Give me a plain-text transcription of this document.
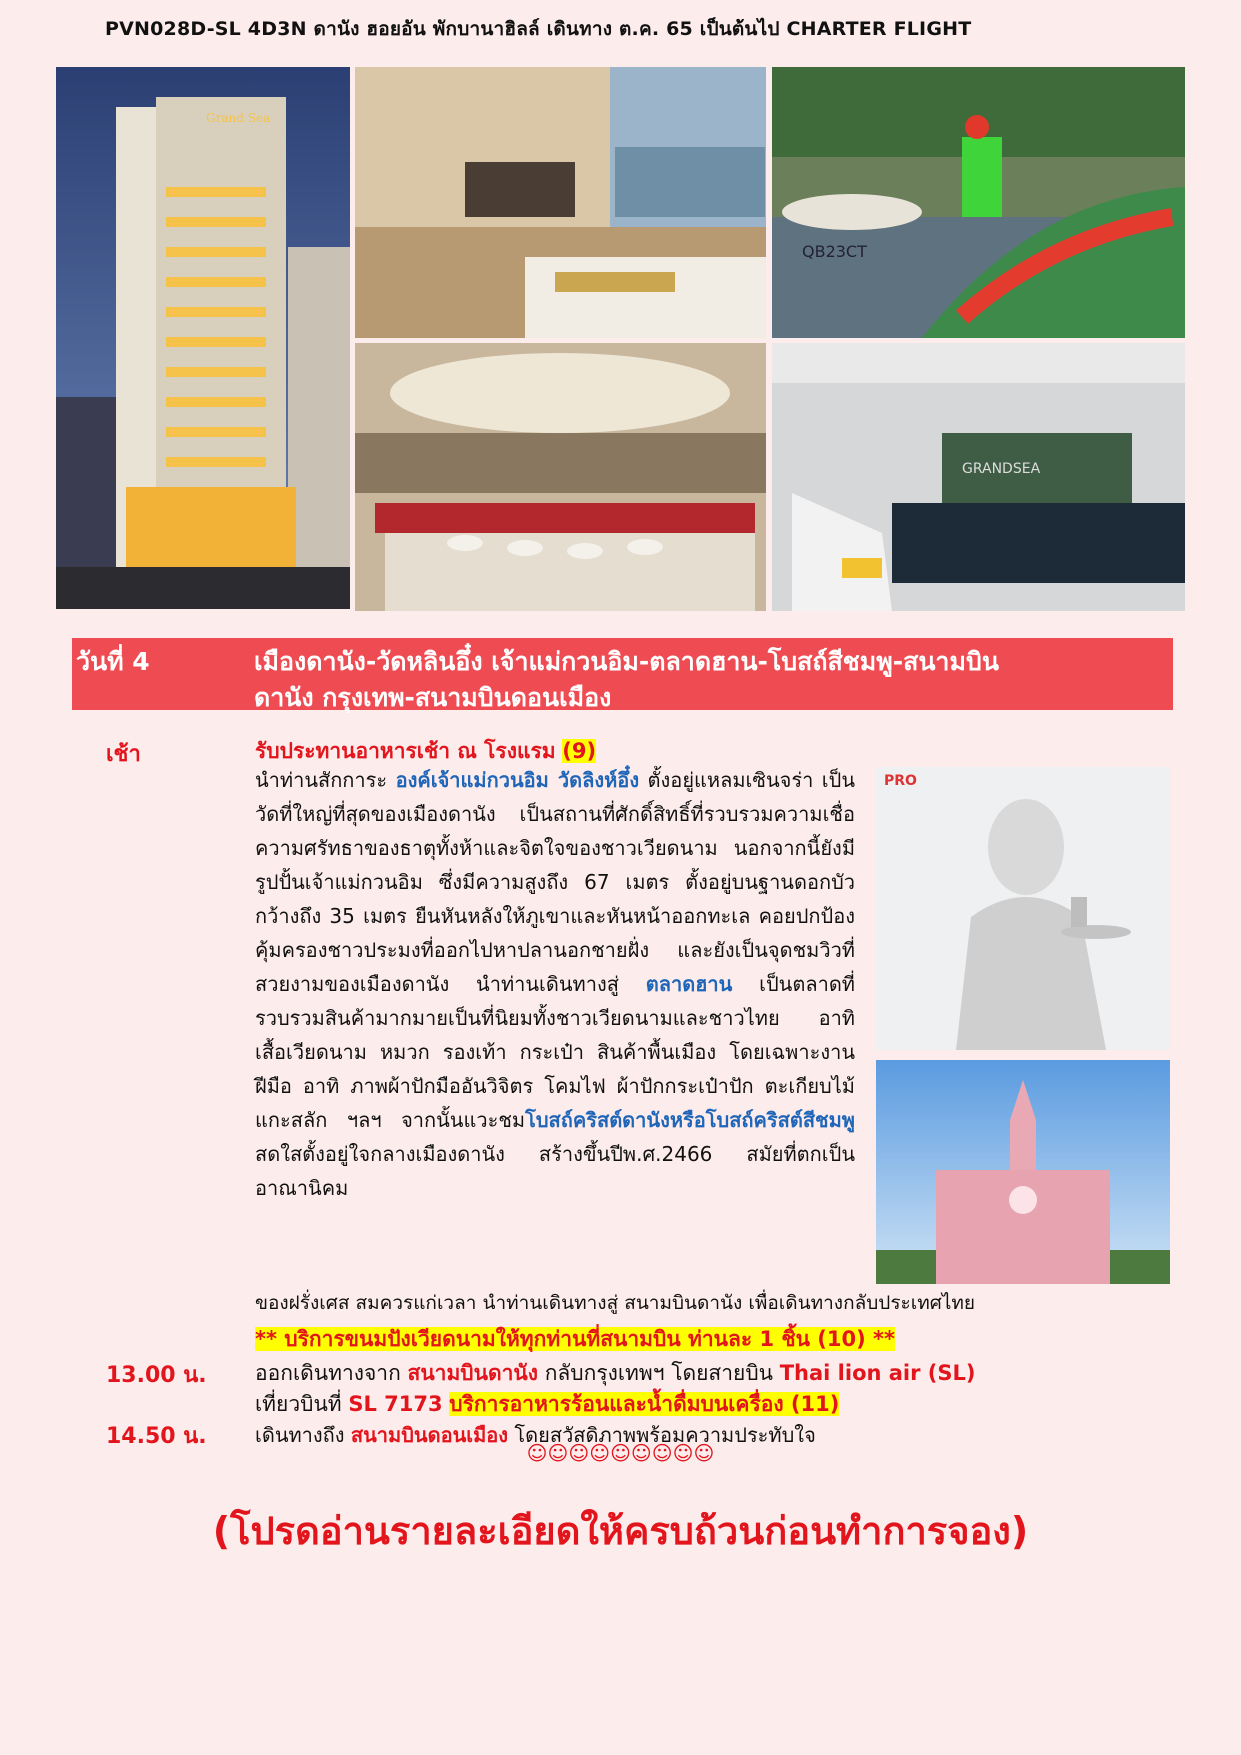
PVN028D-SL 4D3N ดานัง ฮอยอัน พักบานาฮิลล์ เดินทาง ต.ค. 65 เป็นต้นไป CHARTER FLIGHT
Grand Sea
QB23CT
GRANDSEA
วันที่ 4	เมืองดานัง-วัดหลินอึ๋ง เจ้าแม่กวนอิม-ตลาดฮาน-โบสถ์สีชมพู-สนามบิน
ดานัง กรุงเทพ-สนามบินดอนเมือง
เช้า	รับประทานอาหารเช้า ณ โรงแรม (9)
นำท่านสักการะ องค์เจ้าแม่กวนอิม วัดลิงห์อึ๋ง ตั้งอยู่แหลมเซินจร่า เป็นวัดที่ใหญ่ที่สุดของเมืองดานัง เป็นสถานที่ศักดิ์สิทธิ์ที่รวบรวมความเชื่อ ความศรัทธาของธาตุทั้งห้าและจิตใจของชาวเวียดนาม นอกจากนี้ยังมีรูปปั้นเจ้าแม่กวนอิม ซึ่งมีความสูงถึง 67 เมตร ตั้งอยู่บนฐานดอกบัวกว้างถึง 35 เมตร ยืนหันหลังให้ภูเขาและหันหน้าออกทะเล คอยปกป้องคุ้มครองชาวประมงที่ออกไปหาปลานอกชายฝั่ง และยังเป็นจุดชมวิวที่สวยงามของเมืองดานัง นำท่านเดินทางสู่ ตลาดฮาน เป็นตลาดที่รวบรวมสินค้ามากมายเป็นที่นิยมทั้งชาวเวียดนามและชาวไทย อาทิ เสื้อเวียดนาม หมวก รองเท้า กระเป๋า สินค้าพื้นเมือง โดยเฉพาะงานฝีมือ อาทิ ภาพผ้าปักมืออันวิจิตร โคมไฟ ผ้าปักกระเป๋าปัก ตะเกียบไม้แกะสลัก ฯลฯ จากนั้นแวะชมโบสถ์คริสต์ดานังหรือโบสถ์คริสต์สีชมพูสดใสตั้งอยู่ใจกลางเมืองดานัง สร้างขึ้นปีพ.ศ.2466 สมัยที่ตกเป็นอาณานิคม
ของฝรั่งเศส สมควรแก่เวลา นำท่านเดินทางสู่ สนามบินดานัง เพื่อเดินทางกลับประเทศไทย
** บริการขนมปังเวียดนามให้ทุกท่านที่สนามบิน ท่านละ 1 ชิ้น (10) **
PRO
13.00 น. ออกเดินทางจาก สนามบินดานัง กลับกรุงเทพฯ โดยสายบิน Thai lion air (SL)
เที่ยวบินที่ SL 7173 บริการอาหารร้อนและน้ำดื่มบนเครื่อง (11)
14.50 น. เดินทางถึง สนามบินดอนเมือง โดยสวัสดิภาพพร้อมความประทับใจ
☺☺☺☺☺☺☺☺☺
(โปรดอ่านรายละเอียดให้ครบถ้วนก่อนทำการจอง)
